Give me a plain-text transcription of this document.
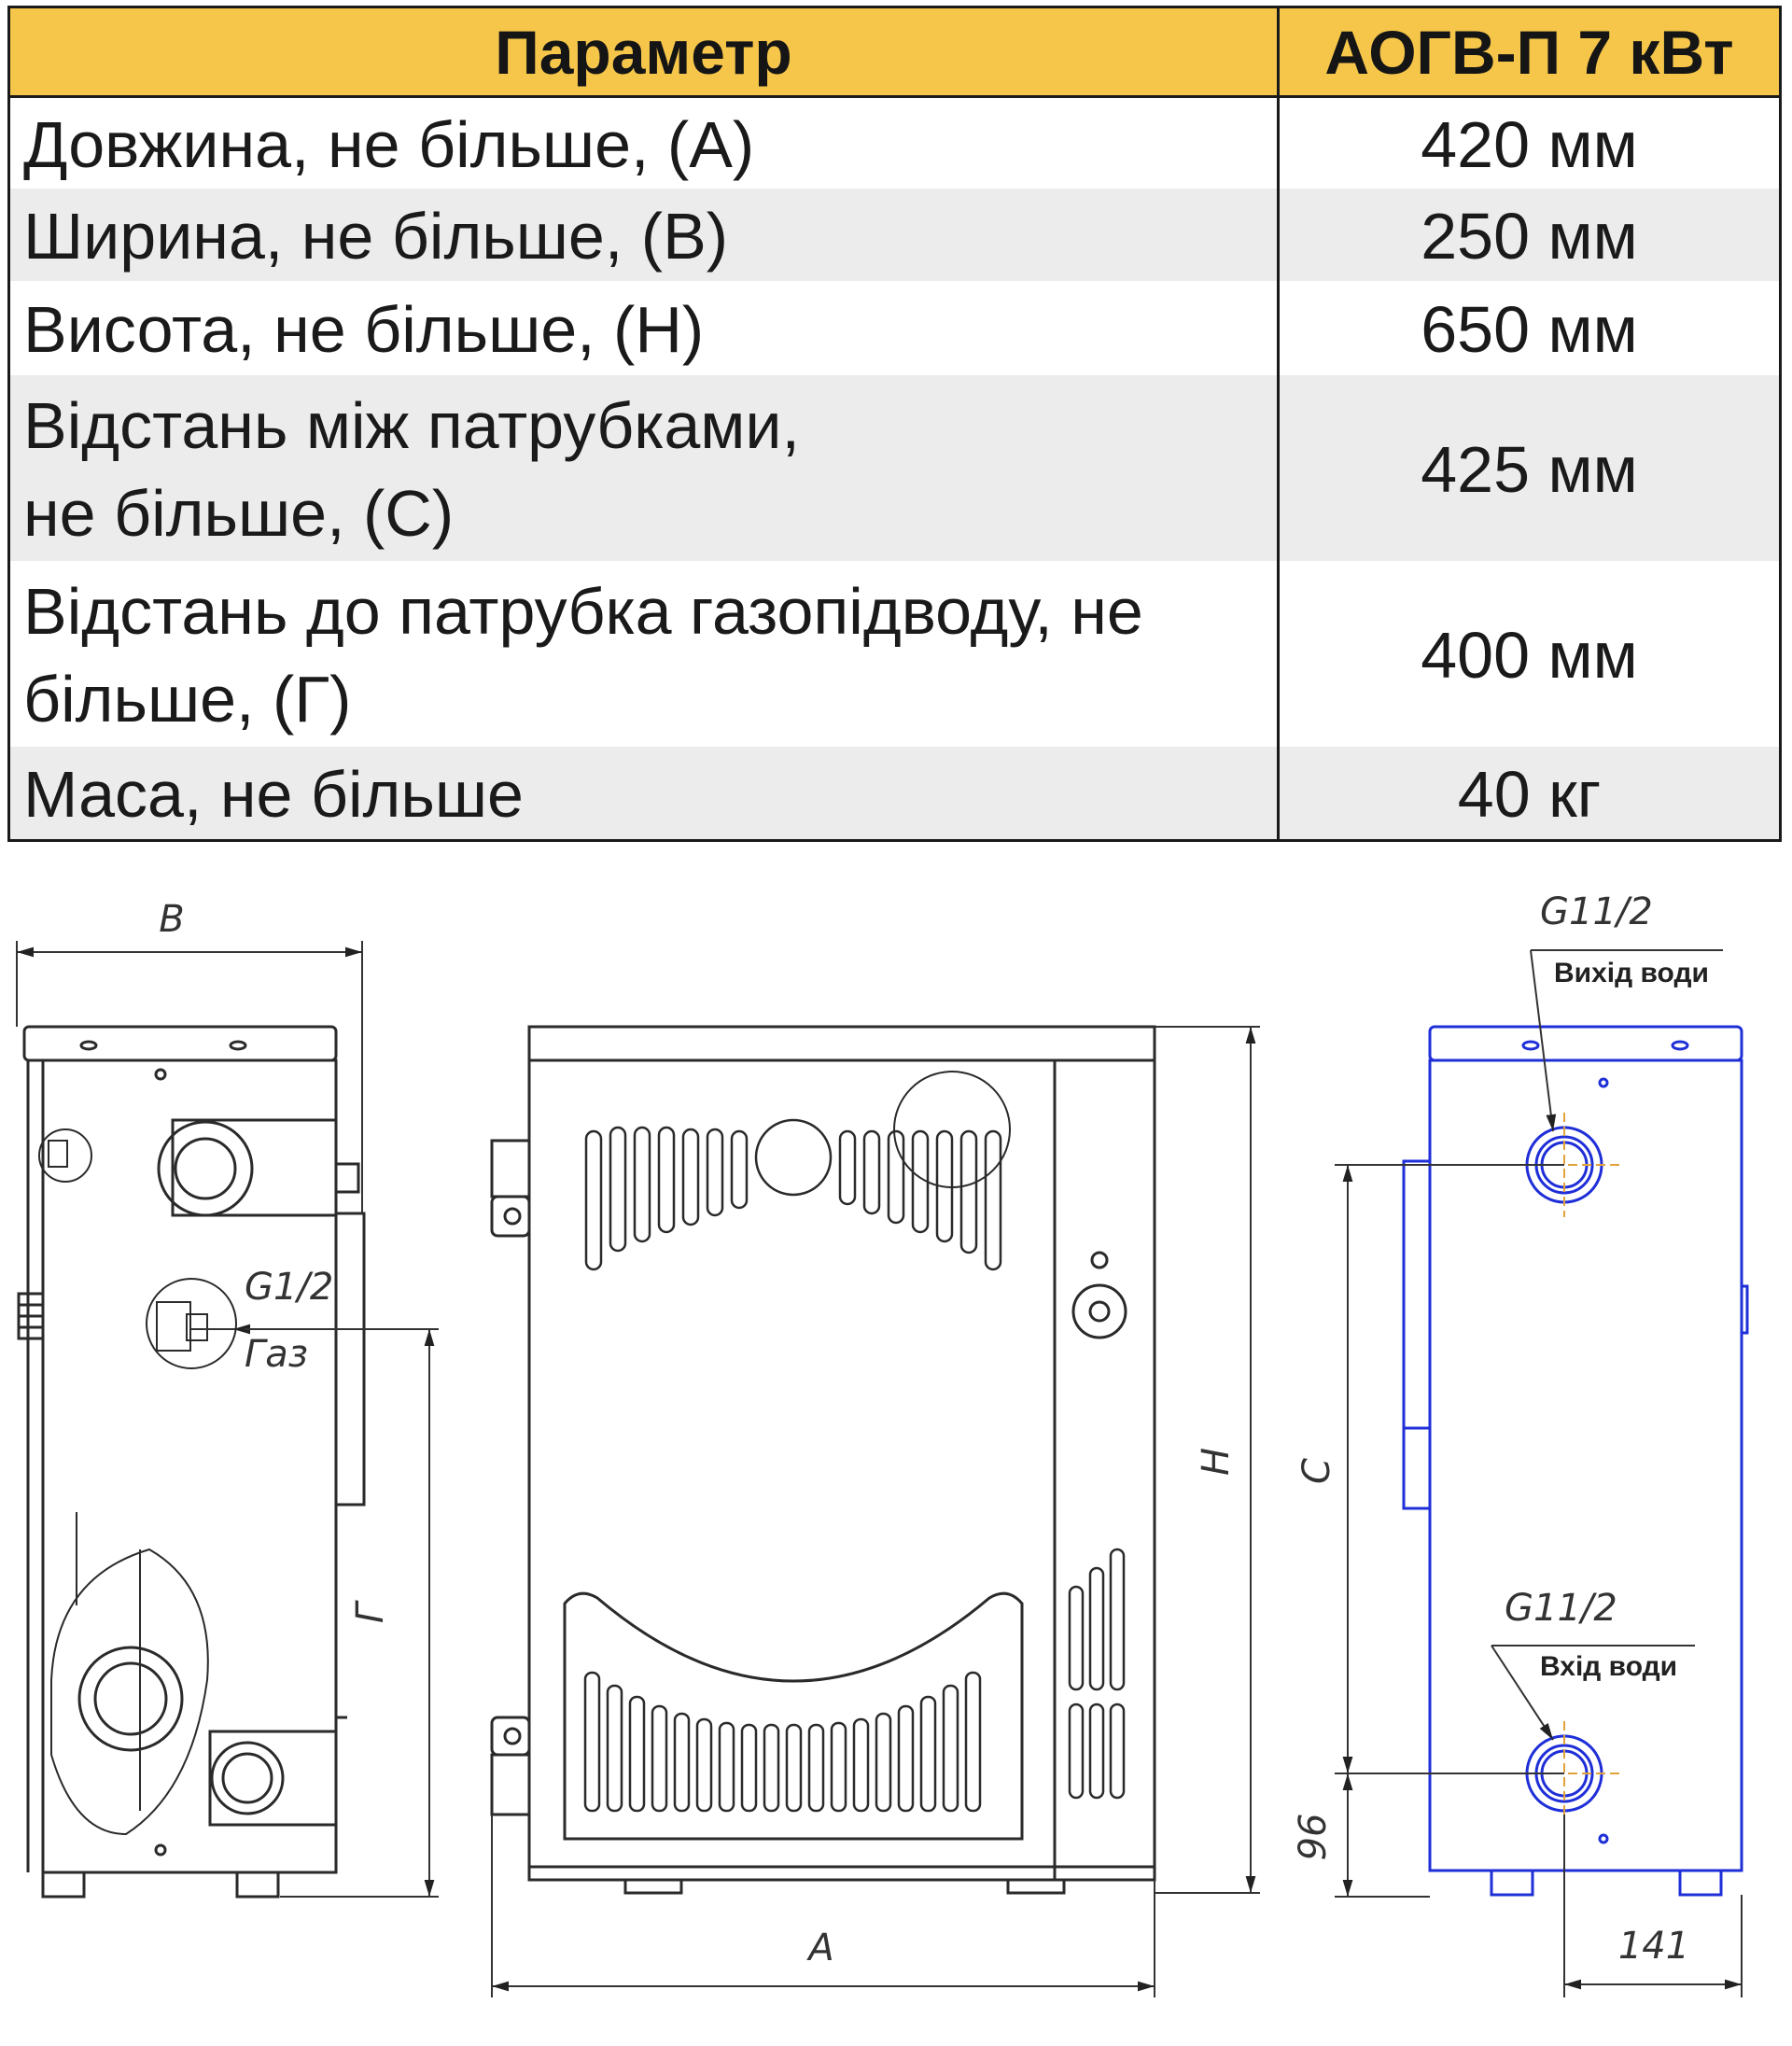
Параметр	АОГВ-П 7 кВт
Довжина, не більше, (А)	420 мм
Ширина, не більше, (В)	250 мм
Висота, не більше, (Н)	650 мм
Відстань між патрубками,
не більше, (С)	425 мм
Відстань до патрубка газопідводу, не
більше, (Г)	400 мм
Маса, не більше	40 кг
B
Г
G1/2
Газ
H
A
C
96
141
G11/2
Вихід води
G11/2
Вхід води
